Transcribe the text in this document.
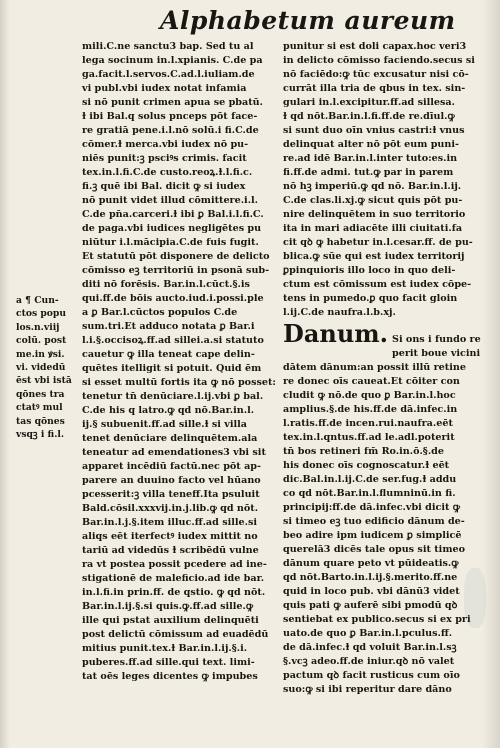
Alphabetum aureum
a ¶ Cun-
ctos popu
los.n.viij
colū. post
me.in ꝟsi.
vi. videdū
ēst vbi istā
qōnes tra
ctatꝰ mul
tas qōnes
vsqꝫ i fi.l.
mili.C.ne sanctu3 bap. Sed tu al
lega socinum in.l.xpianis. C.de pa
ga.facit.l.servos.C.ad.l.iuliam.de
vi publ.vbi iudex notat infamia
si nō punit crimen apua se pbatū.
ɫ ibi Bal.q solus pnceps pōt face-
re gratiā pene.i.l.nō solū.i fi.C.de
cōmer.ɫ merca.vbi iudex nō pu-
niēs punit:ꝫ psciꝰs crimis. facit
tex.in.l.fi.C.de custo.reoꝝ.ɫ.l.fi.c.
fi.ꝫ quē ibi Bal. dicit ꝙ si iudex
nō punit videt illud cōmittere.i.l.
C.de pn̄a.carceri.ɫ ibi ꝑ Bal.i.l.fi.C.
de paga.vbi iudices negligētes pu
niūtur i.l.mācipia.C.de fuis fugit.
Et statutū pōt disponere de delicto
cōmisso eꝫ territoriū in psonā sub-
diti nō forēsis. Bar.in.l.cūct.§.is
qui.ff.de bōis aucto.iud.i.possi.ple
a ꝑ Bar.l.cūctos populos C.de
sum.tri.Et adduco notata ꝑ Bar.i
l.i.§.occisoꝝ.ff.ad sillei.a.si statuto
cauetur ꝙ illa teneat cape delin-
quētes itelligit si potuit. Quid ēm
si esset multū fortis ita ꝙ nō posset:
tenetur tn̄ denūciare.l.ij.vbi ꝑ bal.
C.de his q latro.ꝙ qd nō.Bar.in.l.
ij.§ subuenit.ff.ad sille.ɫ si villa
tenet denūciare delinquētem.ala
teneatur ad emendationes3 vbi sit
apparet incēdiū factū.nec pōt ap-
parere an duuino facto vel hūano
pcesserit:ꝫ villa teneff.Ita psuluit
Bald.cōsil.xxxvij.in.j.lib.ꝙ qd nōt.
Bar.in.l.j.§.item illuc.ff.ad sille.si
aliqs eēt iterfectꝰ iudex mittit no
tariū ad videdūs ɫ scribēdū vulne
ra vt postea possit pcedere ad ine-
stigationē de maleficio.ad ide bar.
in.l.fi.in prin.ff. de qstio. ꝙ qd nōt.
Bar.in.l.ij.§.si quis.ꝙ.ff.ad sille.ꝙ
ille qui pstat auxilium delinquēti
post delictū cōmissum ad euadēdū
mitius punit.tex.ɫ Bar.in.l.ij.§.i.
puberes.ff.ad sille.qui text. limi-
tat oēs leges dicentes ꝙ impubes
punitur si est doli capax.hoc veri3
in delicto cōmisso faciendo.secus si
nō faciēdo:ꝙ tūc excusatur nisi cō-
currāt illa tria de qbus in tex. sin-
gulari in.l.excipitur.ff.ad sillesa.
ɫ qd nōt.Bar.in.l.fi.ff.de re.dīul.ꝙ
si sunt duo oīn vnius castri:ɫ vnus
delinquat alter nō pōt eum puni-
re.ad idē Bar.in.l.inter tuto:es.in
fi.ff.de admi. tut.ꝙ par in parem
nō hꝫ imperiū.ꝙ qd nō. Bar.in.l.ij.
C.de clas.li.xj.ꝙ sicut quis pōt pu-
nire delinquētem in suo territorio
ita in mari adiacēte illi ciuitati.fa
cit qꝺ ꝙ habetur in.l.cesar.ff. de pu-
blica.ꝙ sūe qui est iudex territorij
ꝑpinquioris illo loco in quo deli-
ctum est cōmissum est iudex cōpe-
tens in pumedo.ꝑ quo facit gloin
l.ij.C.de naufra.l.b.xj.
Danum. Si ons i fundo re
perit boue vicini
dātem dānum:an possit illū retine
re donec oīs caueat.Et cōiter con
cludit ꝙ nō.de quo ꝑ Bar.in.l.hoc
amplius.§.de his.ff.de dā.infec.in
l.ratis.ff.de incen.rui.naufra.eēt
tex.in.l.qntus.ff.ad le.adl.poterit
tn̄ bos retineri fm̄ Ro.in.ō.§.de
his donec oīs cognoscatur.ɫ eēt
dic.Bal.in.l.ij.C.de ser.fug.ɫ addu
co qd nōt.Bar.in.l.flumninū.in fi.
principij:ff.de dā.infec.vbi dicit ꝙ
si timeo eꝫ tuo edificio dānum de-
beo adire ipm iudicem ꝑ simplicē
querelā3 dicēs tale opus sit timeo
dānum quare peto vt pūideatis.ꝙ
qd nōt.Barto.in.l.ij.§.merito.ff.ne
quid in loco pub. vbi dānū3 videt
quis pati ꝙ auferē sibi pmodū qꝺ
sentiebat ex publico.secus si ex pri
uato.de quo ꝑ Bar.in.l.pculus.ff.
de dā.infec.ɫ qd voluit Bar.in.l.sꝫ
§.vcꝫ adeo.ff.de iniur.qꝺ nō valet
pactum qꝺ facit rusticus cum oīo
suo:ꝙ si ibi reperitur dare dāno
